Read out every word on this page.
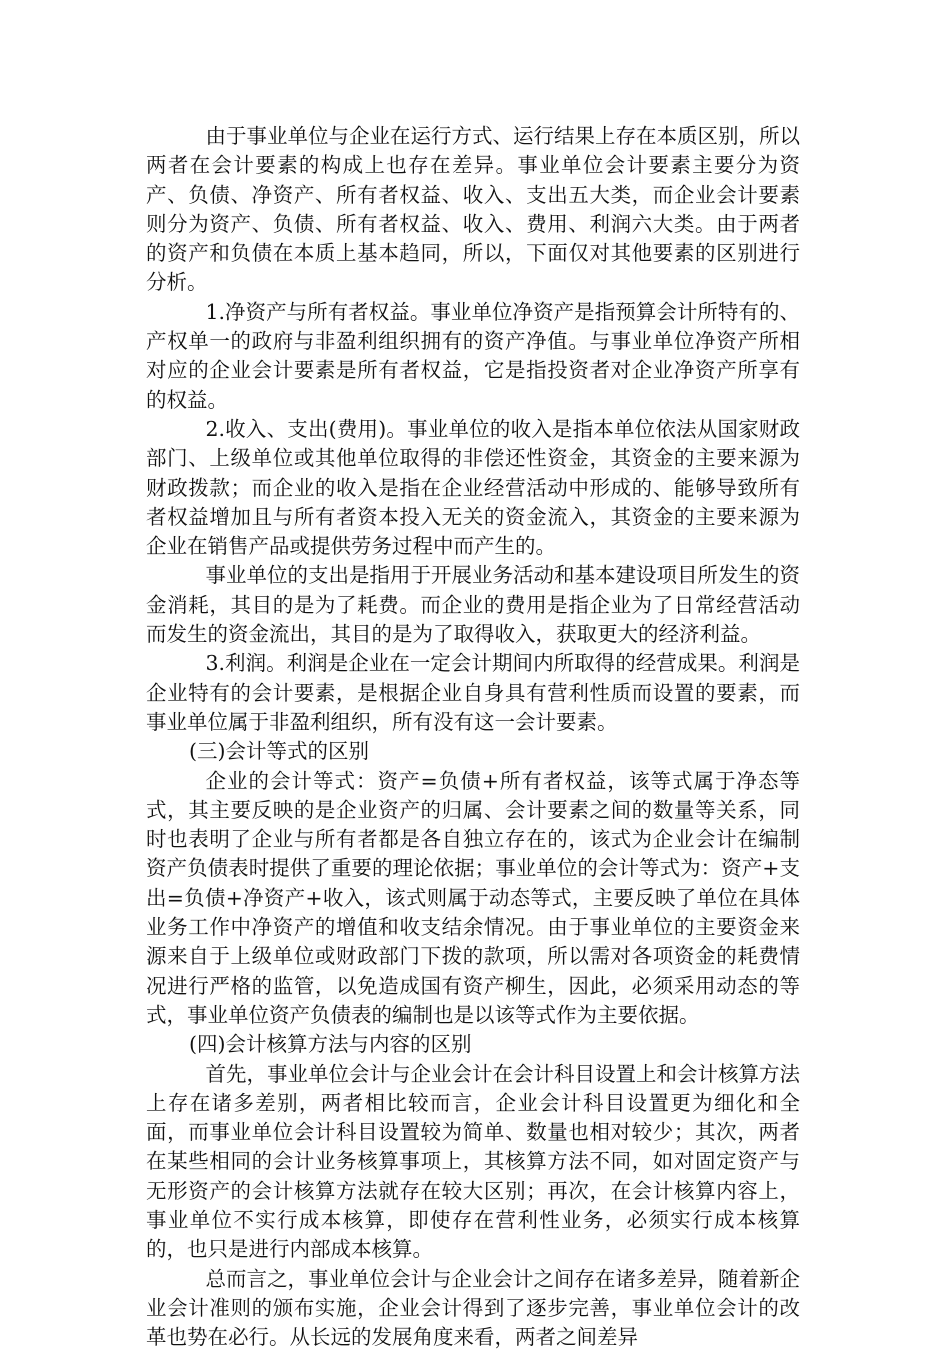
由于事业单位与企业在运行方式、运行结果上存在本质区别，所以两者在会计要素的构成上也存在差异。事业单位会计要素主要分为资产、负债、净资产、所有者权益、收入、支出五大类，而企业会计要素则分为资产、负债、所有者权益、收入、费用、利润六大类。由于两者的资产和负债在本质上基本趋同，所以，下面仅对其他要素的区别进行分析。

1.净资产与所有者权益。事业单位净资产是指预算会计所特有的、产权单一的政府与非盈利组织拥有的资产净值。与事业单位净资产所相对应的企业会计要素是所有者权益，它是指投资者对企业净资产所享有的权益。

2.收入、支出(费用)。事业单位的收入是指本单位依法从国家财政部门、上级单位或其他单位取得的非偿还性资金，其资金的主要来源为财政拨款；而企业的收入是指在企业经营活动中形成的、能够导致所有者权益增加且与所有者资本投入无关的资金流入，其资金的主要来源为企业在销售产品或提供劳务过程中而产生的。

事业单位的支出是指用于开展业务活动和基本建设项目所发生的资金消耗，其目的是为了耗费。而企业的费用是指企业为了日常经营活动而发生的资金流出，其目的是为了取得收入，获取更大的经济利益。

3.利润。利润是企业在一定会计期间内所取得的经营成果。利润是企业特有的会计要素，是根据企业自身具有营利性质而设置的要素，而事业单位属于非盈利组织，所有没有这一会计要素。

(三)会计等式的区别

企业的会计等式：资产=负债+所有者权益，该等式属于净态等式，其主要反映的是企业资产的归属、会计要素之间的数量等关系，同时也表明了企业与所有者都是各自独立存在的，该式为企业会计在编制资产负债表时提供了重要的理论依据；事业单位的会计等式为：资产+支出=负债+净资产+收入，该式则属于动态等式，主要反映了单位在具体业务工作中净资产的增值和收支结余情况。由于事业单位的主要资金来源来自于上级单位或财政部门下拨的款项，所以需对各项资金的耗费情况进行严格的监管，以免造成国有资产柳生，因此，必须采用动态的等式，事业单位资产负债表的编制也是以该等式作为主要依据。

(四)会计核算方法与内容的区别

首先，事业单位会计与企业会计在会计科目设置上和会计核算方法上存在诸多差别，两者相比较而言，企业会计科目设置更为细化和全面，而事业单位会计科目设置较为简单、数量也相对较少；其次，两者在某些相同的会计业务核算事项上，其核算方法不同，如对固定资产与无形资产的会计核算方法就存在较大区别；再次，在会计核算内容上，事业单位不实行成本核算，即使存在营利性业务，必须实行成本核算的，也只是进行内部成本核算。

总而言之，事业单位会计与企业会计之间存在诸多差异，随着新企业会计准则的颁布实施，企业会计得到了逐步完善，事业单位会计的改革也势在必行。从长远的发展角度来看，两者之间差异
